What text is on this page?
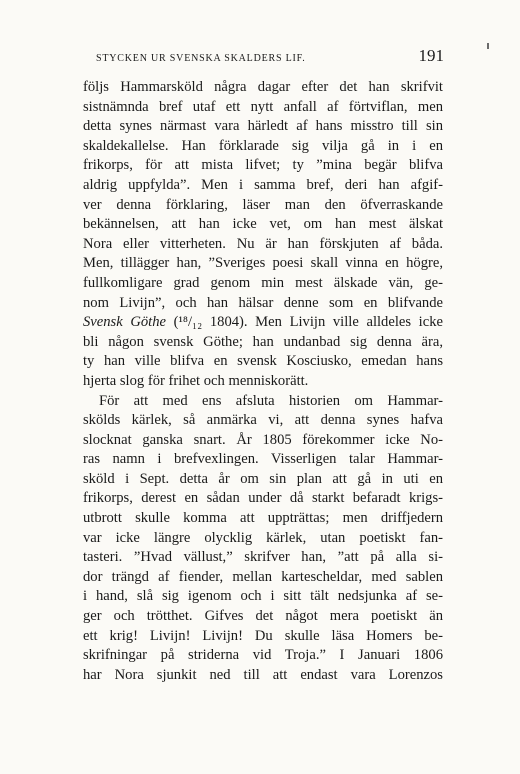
STYCKEN UR SVENSKA SKALDERS LIF.	191
följs Hammarsköld några dagar efter det han skrifvit
sistnämnda bref utaf ett nytt anfall af förtviflan, men
detta synes närmast vara härledt af hans misstro till sin
skaldekallelse. Han förklarade sig vilja gå in i en
frikorps, för att mista lifvet; ty ”mina begär blifva
aldrig uppfylda”. Men i samma bref, deri han afgif-
ver denna förklaring, läser man den öfverraskande
bekännelsen, att han icke vet, om han mest älskat
Nora eller vitterheten. Nu är han förskjuten af båda.
Men, tillägger han, ”Sveriges poesi skall vinna en högre,
fullkomligare grad genom min mest älskade vän, ge-
nom Livijn”, och han hälsar denne som en blifvande
Svensk Göthe (¹⁸/₁₂ 1804). Men Livijn ville alldeles icke
bli någon svensk Göthe; han undanbad sig denna ära,
ty han ville blifva en svensk Kosciusko, emedan hans
hjerta slog för frihet och menniskorätt.
För att med ens afsluta historien om Hammar-
skölds kärlek, så anmärka vi, att denna synes hafva
slocknat ganska snart. År 1805 förekommer icke No-
ras namn i brefvexlingen. Visserligen talar Hammar-
sköld i Sept. detta år om sin plan att gå in uti en
frikorps, derest en sådan under då starkt befaradt krigs-
utbrott skulle komma att uppträttas; men driffjedern
var icke längre olycklig kärlek, utan poetiskt fan-
tasteri. ”Hvad vällust,” skrifver han, ”att på alla si-
dor trängd af fiender, mellan kartescheldar, med sablen
i hand, slå sig igenom och i sitt tält nedsjunka af se-
ger och trötthet. Gifves det något mera poetiskt än
ett krig! Livijn! Livijn! Du skulle läsa Homers be-
skrifningar på striderna vid Troja.” I Januari 1806
har Nora sjunkit ned till att endast vara Lorenzos
